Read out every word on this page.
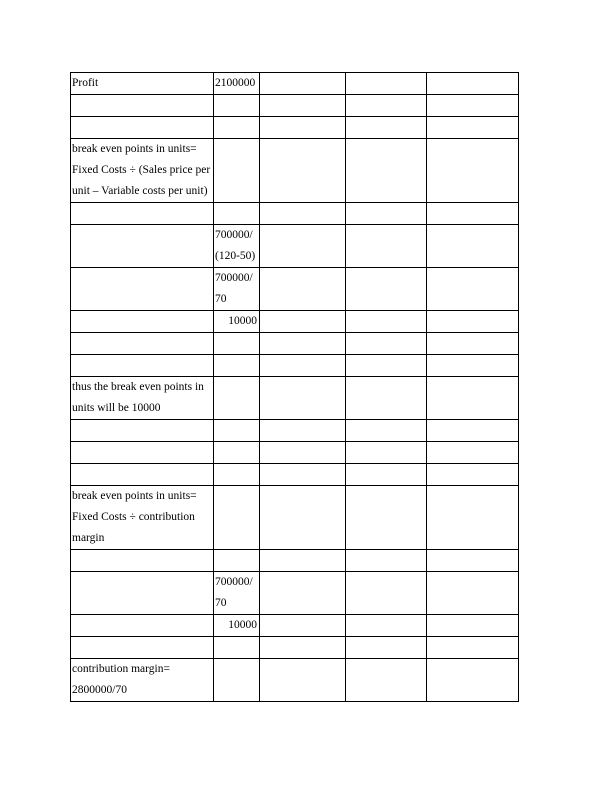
Profit	2100000			

break even points in units= Fixed Costs ÷ (Sales price per unit – Variable costs per unit)				

	700000/ (120-50)			
	700000/ 70			
	10000			

thus the break even points in units will be 10000				

break even points in units= Fixed Costs ÷ contribution margin				

	700000/ 70			
	10000			

contribution margin= 2800000/70				
